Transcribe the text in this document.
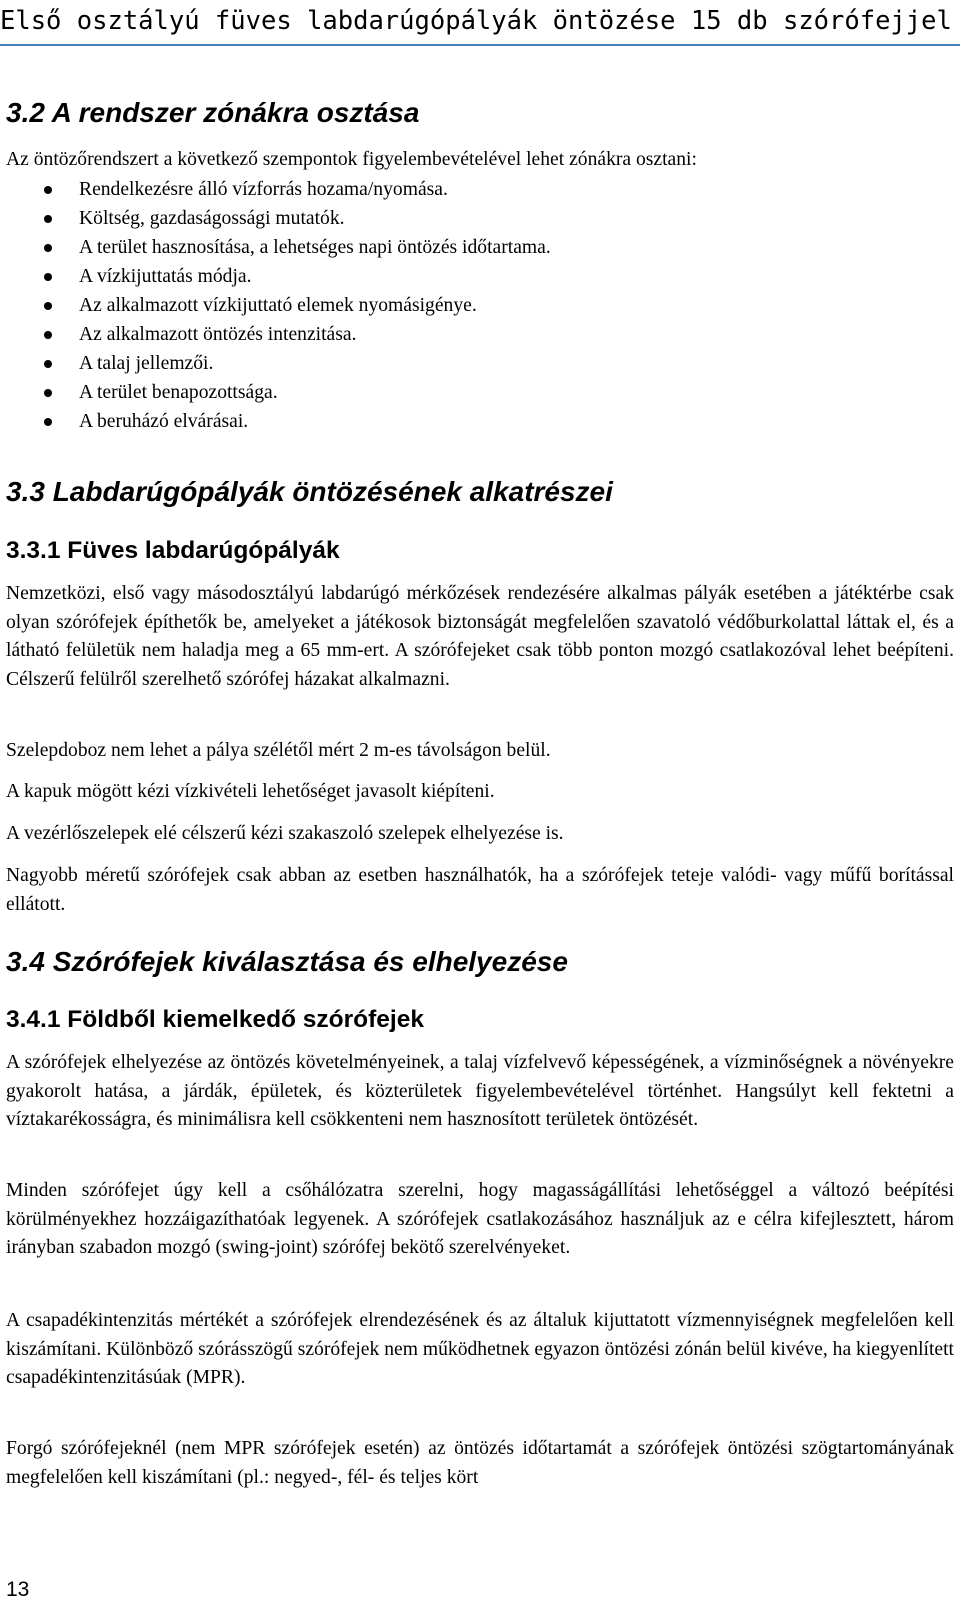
Első osztályú füves labdarúgópályák öntözése 15 db szórófejjel
3.2 A rendszer zónákra osztása

Az öntözőrendszert a következő szempontok figyelembevételével lehet zónákra osztani:

Rendelkezésre álló vízforrás hozama/nyomása.
Költség, gazdaságossági mutatók.
A terület hasznosítása, a lehetséges napi öntözés időtartama.
A vízkijuttatás módja.
Az alkalmazott vízkijuttató elemek nyomásigénye.
Az alkalmazott öntözés intenzitása.
A talaj jellemzői.
A terület benapozottsága.
A beruházó elvárásai.
3.3 Labdarúgópályák öntözésének alkatrészei
3.3.1 Füves labdarúgópályák

Nemzetközi, első vagy másodosztályú labdarúgó mérkőzések rendezésére alkalmas pályák esetében a játéktérbe csak olyan szórófejek építhetők be, amelyeket a játékosok biztonságát megfelelően szavatoló védőburkolattal láttak el, és a látható felületük nem haladja meg a 65 mm-ert. A szórófejeket csak több ponton mozgó csatlakozóval lehet beépíteni. Célszerű felülről szerelhető szórófej házakat alkalmazni.

Szelepdoboz nem lehet a pálya szélétől mért 2 m-es távolságon belül.

A kapuk mögött kézi vízkivételi lehetőséget javasolt kiépíteni.

A vezérlőszelepek elé célszerű kézi szakaszoló szelepek elhelyezése is.

Nagyobb méretű szórófejek csak abban az esetben használhatók, ha a szórófejek teteje valódi- vagy műfű borítással ellátott.

3.4 Szórófejek kiválasztása és elhelyezése
3.4.1 Földből kiemelkedő szórófejek

A szórófejek elhelyezése az öntözés követelményeinek, a talaj vízfelvevő képességének, a vízminőségnek a növényekre gyakorolt hatása, a járdák, épületek, és közterületek figyelembevételével történhet. Hangsúlyt kell fektetni a víztakarékosságra, és minimálisra kell csökkenteni nem hasznosított területek öntözését.

Minden szórófejet úgy kell a csőhálózatra szerelni, hogy magasságállítási lehetőséggel a változó beépítési körülményekhez hozzáigazíthatóak legyenek. A szórófejek csatlakozásához használjuk az e célra kifejlesztett, három irányban szabadon mozgó (swing-joint) szórófej bekötő szerelvényeket.

A csapadékintenzitás mértékét a szórófejek elrendezésének és az általuk kijuttatott vízmennyiségnek megfelelően kell kiszámítani. Különböző szórásszögű szórófejek nem működhetnek egyazon öntözési zónán belül kivéve, ha kiegyenlített csapadékintenzitásúak (MPR).

Forgó szórófejeknél (nem MPR szórófejek esetén) az öntözés időtartamát a szórófejek öntözési szögtartományának megfelelően kell kiszámítani (pl.: negyed-, fél- és teljes kört

13
